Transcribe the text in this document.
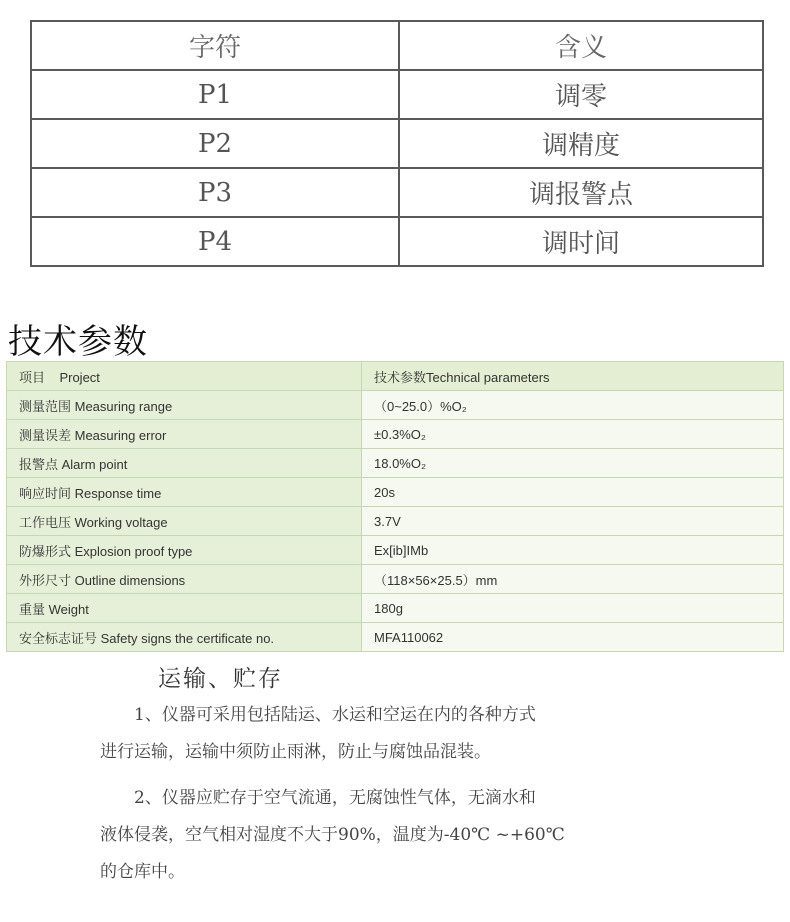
字符	含义
P1	调零
P2	调精度
P3	调报警点
P4	调时间
技术参数
项目    Project	技术参数Technical parameters
测量范围 Measuring range	（0~25.0）%O₂
测量误差 Measuring error	±0.3%O₂
报警点 Alarm point	18.0%O₂
响应时间 Response time	20s
工作电压 Working voltage	3.7V
防爆形式 Explosion proof type	Ex[ib]IMb
外形尺寸 Outline dimensions	（118×56×25.5）mm
重量 Weight	180g
安全标志证号 Safety signs the certificate no.	MFA110062
运输、贮存

1、仪器可采用包括陆运、水运和空运在内的各种方式
进行运输，运输中须防止雨淋，防止与腐蚀品混装。

2、仪器应贮存于空气流通，无腐蚀性气体，无滴水和
液体侵袭，空气相对湿度不大于90%，温度为-40℃ ~+60℃
的仓库中。
